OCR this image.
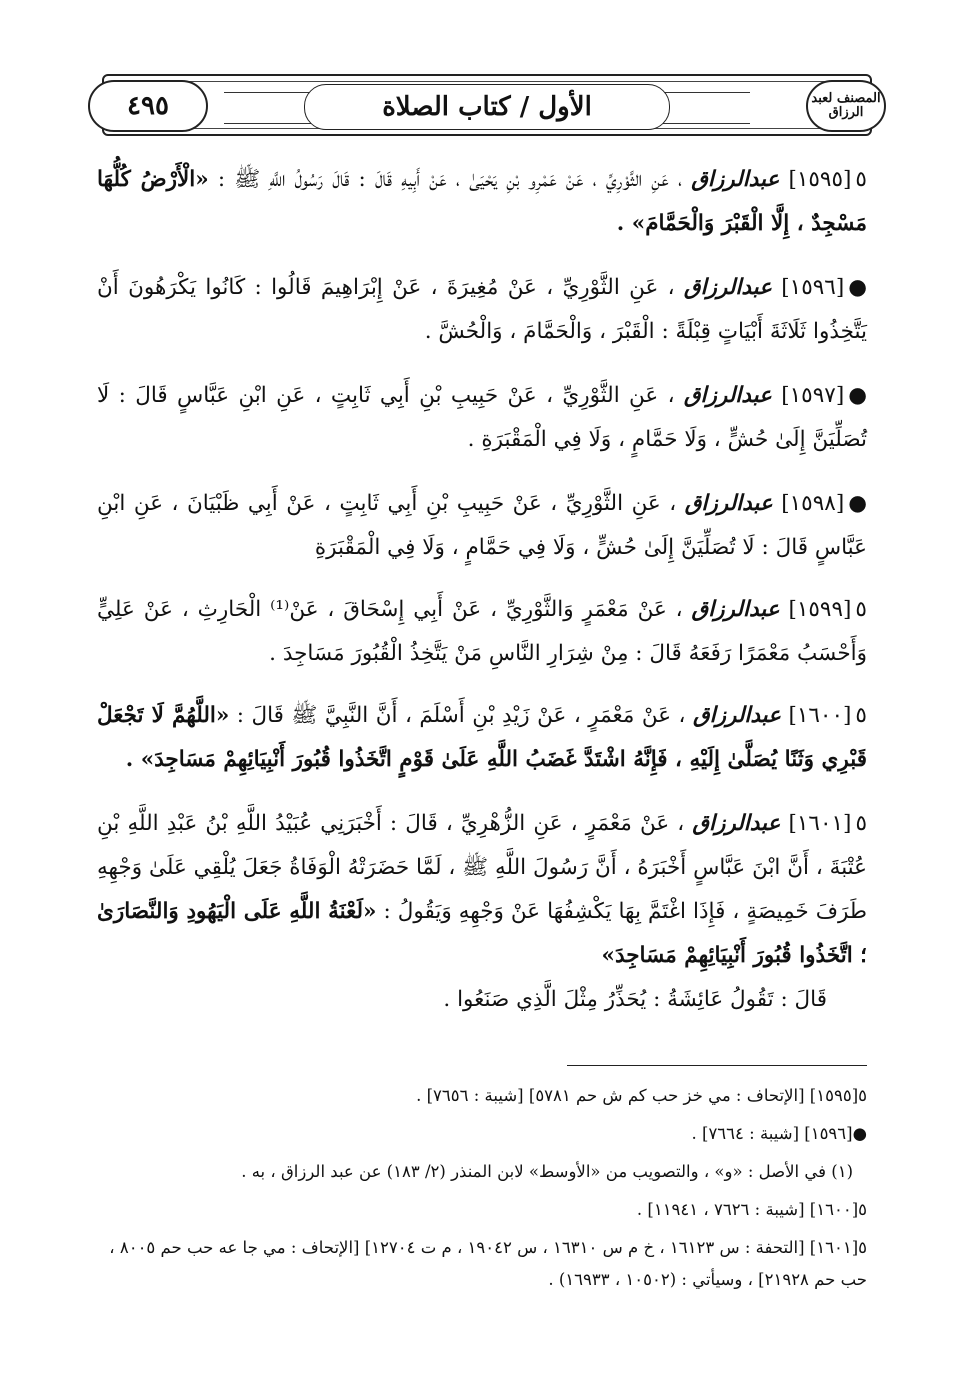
٤٩٥	الأول / كتاب الصلاة	المصنف لعبد الرزاق
٥[١٥٩٥] عبدالرزاق ، عَنِ الثَّوْرِيِّ ، عَنْ عَمْرِو بْنِ يَحْيَىٰ ، عَنْ أَبِيهِ قَالَ : قَالَ رَسُولُ اللَّهِ ﷺ : «الْأَرْضُ كُلُّهَا مَسْجِدٌ ، إِلَّا الْقَبْرَ وَالْحَمَّامَ» .
●[١٥٩٦] عبدالرزاق ، عَنِ الثَّوْرِيِّ ، عَنْ مُغِيرَةَ ، عَنْ إِبْرَاهِيمَ قَالُوا : كَانُوا يَكْرَهُونَ أَنْ يَتَّخِذُوا ثَلَاثَةَ أَبْيَاتٍ قِبْلَةً : الْقَبْرَ ، وَالْحَمَّامَ ، وَالْحُشَّ .
●[١٥٩٧] عبدالرزاق ، عَنِ الثَّوْرِيِّ ، عَنْ حَبِيبِ بْنِ أَبِي ثَابِتٍ ، عَنِ ابْنِ عَبَّاسٍ قَالَ : لَا تُصَلِّيَنَّ إِلَىٰ حُشٍّ ، وَلَا حَمَّامٍ ، وَلَا فِي الْمَقْبَرَةِ .
●[١٥٩٨] عبدالرزاق ، عَنِ الثَّوْرِيِّ ، عَنْ حَبِيبِ بْنِ أَبِي ثَابِتٍ ، عَنْ أَبِي ظَبْيَانَ ، عَنِ ابْنِ عَبَّاسٍ قَالَ : لَا تُصَلِّيَنَّ إِلَىٰ حُشٍّ ، وَلَا فِي حَمَّامٍ ، وَلَا فِي الْمَقْبَرَةِ
٥[١٥٩٩] عبدالرزاق ، عَنْ مَعْمَرٍ وَالثَّوْرِيِّ ، عَنْ أَبِي إِسْحَاقَ ، عَنْ⁽¹⁾ الْحَارِثِ ، عَنْ عَلِيٍّ وَأَحْسَبُ مَعْمَرًا رَفَعَهُ قَالَ : مِنْ شِرَارِ النَّاسِ مَنْ يَتَّخِذُ الْقُبُورَ مَسَاجِدَ .
٥[١٦٠٠] عبدالرزاق ، عَنْ مَعْمَرٍ ، عَنْ زَيْدِ بْنِ أَسْلَمَ ، أَنَّ النَّبِيَّ ﷺ قَالَ : «اللَّهُمَّ لَا تَجْعَلْ قَبْرِي وَثَنًا يُصَلَّىٰ إِلَيْهِ ، فَإِنَّهُ اشْتَدَّ غَضَبُ اللَّهِ عَلَىٰ قَوْمٍ اتَّخَذُوا قُبُورَ أَنْبِيَائِهِمْ مَسَاجِدَ» .
٥[١٦٠١] عبدالرزاق ، عَنْ مَعْمَرٍ ، عَنِ الزُّهْرِيِّ ، قَالَ : أَخْبَرَنِي عُبَيْدُ اللَّهِ بْنُ عَبْدِ اللَّهِ بْنِ عُتْبَةَ ، أَنَّ ابْنَ عَبَّاسٍ أَخْبَرَهُ ، أَنَّ رَسُولَ اللَّهِ ﷺ ، لَمَّا حَضَرَتْهُ الْوَفَاةُ جَعَلَ يُلْقِي عَلَىٰ وَجْهِهِ طَرَفَ خَمِيصَةٍ ، فَإِذَا اغْتَمَّ بِهَا يَكْشِفُهَا عَنْ وَجْهِهِ وَيَقُولُ : «لَعْنَةُ اللَّهِ عَلَى الْيَهُودِ وَالنَّصَارَىٰ ؛ اتَّخَذُوا قُبُورَ أَنْبِيَائِهِمْ مَسَاجِدَ»
قَالَ : تَقُولُ عَائِشَةُ : يُحَذِّرُ مِثْلَ الَّذِي صَنَعُوا .
٥[١٥٩٥] [الإتحاف : مي خز حب كم ش حم ٥٧٨١] [شيبة : ٧٦٥٦] .
●[١٥٩٦] [شيبة : ٧٦٦٤] .
(١) في الأصل : «و» ، والتصويب من «الأوسط» لابن المنذر (٢/ ١٨٣) عن عبد الرزاق ، به .
٥[١٦٠٠] [شيبة : ٧٦٢٦ ، ١١٩٤١] .
٥[١٦٠١] [التحفة : س ١٦١٢٣ ، خ م س ١٦٣١٠ ، س ١٩٠٤٢ ، م ت ١٢٧٠٤] [الإتحاف : مي جا عه حب حم ٨٠٠٥ ، حب حم ٢١٩٢٨] ، وسيأتي : (١٠٥٠٢ ، ١٦٩٣٣) .
